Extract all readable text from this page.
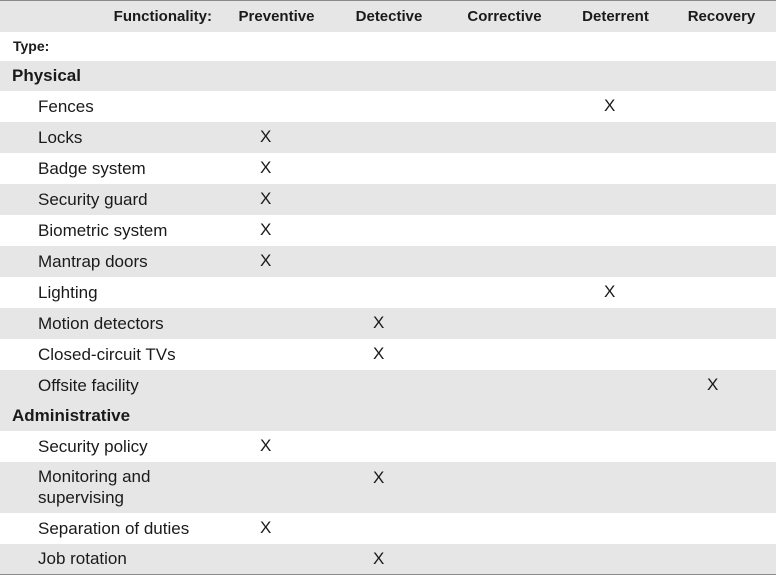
Functionality:	Preventive	Detective	Corrective	Deterrent	Recovery
Type:					
Physical					
Fences				X	
Locks	X				
Badge system	X				
Security guard	X				
Biometric system	X				
Mantrap doors	X				
Lighting				X	
Motion detectors		X			
Closed-circuit TVs		X			
Offsite facility					X
Administrative					
Security policy	X				
Monitoring and supervising		X			
Separation of duties	X				
Job rotation		X			
